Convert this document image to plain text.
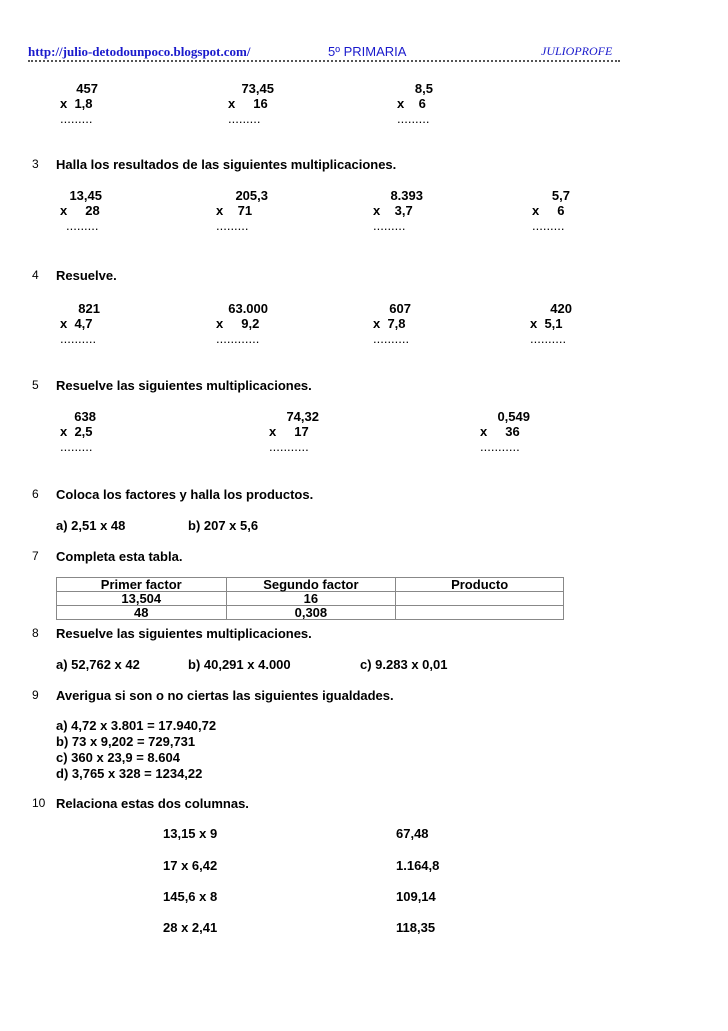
http://julio-detodounpoco.blogspot.com/	5º PRIMARIA	JULIOPROFE
457
x  1,8
.........
73,45
x     16
.........
8,5
x    6
.........
3 Halla los resultados de las siguientes multiplicaciones.
13,45
x     28
.........
205,3
x    71
.........
8.393
x    3,7
.........
5,7
x     6
.........
4 Resuelve.
821
x  4,7
..........
63.000
x     9,2
............
607
x  7,8
..........
420
x  5,1
..........
5 Resuelve las siguientes multiplicaciones.
638
x  2,5
.........
74,32
x     17
...........
0,549
x     36
...........
6 Coloca los factores y halla los productos.
a) 2,51 x 48	b) 207 x 5,6
7 Completa esta tabla.
Primer factor	Segundo factor	Producto
13,504	16	
48	0,308	
8 Resuelve las siguientes multiplicaciones.
a) 52,762 x 42	b) 40,291 x 4.000	c) 9.283 x 0,01
9 Averigua si son o no ciertas las siguientes igualdades.
a) 4,72 x 3.801 = 17.940,72
b) 73 x 9,202 = 729,731
c) 360 x 23,9 = 8.604
d) 3,765 x 328 = 1234,22
10 Relaciona estas dos columnas.
13,15 x 9
17 x 6,42
145,6 x 8
28 x 2,41
67,48
1.164,8
109,14
118,35
